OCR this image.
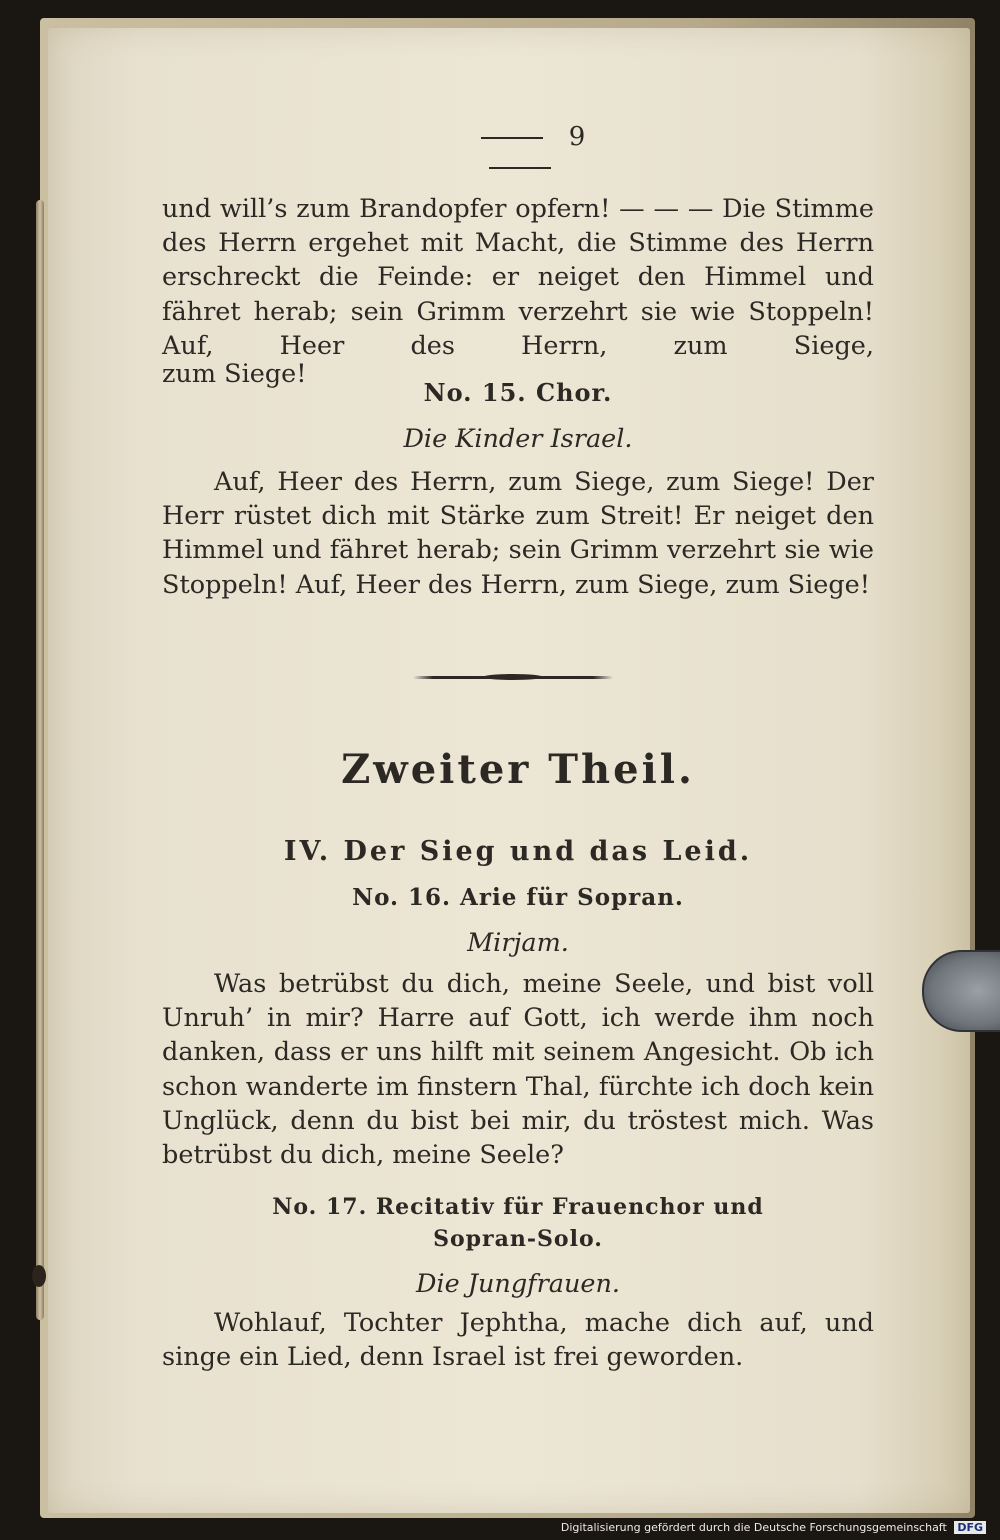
9

und will’s zum Brandopfer opfern! — — — Die Stimme des Herrn ergehet mit Macht, die Stimme des Herrn erschreckt die Feinde: er neiget den Himmel und fähret herab; sein Grimm verzehrt sie wie Stoppeln! Auf, Heer des Herrn, zum Siege,

zum Siege!

No. 15. Chor.
Die Kinder Israel.

Auf, Heer des Herrn, zum Siege, zum Siege! Der Herr rüstet dich mit Stärke zum Streit! Er neiget den Himmel und fähret herab; sein Grimm verzehrt sie wie Stoppeln! Auf, Heer des Herrn, zum Siege, zum Siege!

Zweiter Theil.
IV. Der Sieg und das Leid.
No. 16. Arie für Sopran.
Mirjam.

Was betrübst du dich, meine Seele, und bist voll Unruh’ in mir? Harre auf Gott, ich werde ihm noch danken, dass er uns hilft mit seinem Angesicht. Ob ich schon wanderte im finstern Thal, fürchte ich doch kein Unglück, denn du bist bei mir, du tröstest mich. Was betrübst du dich, meine Seele?

No. 17. Recitativ für Frauenchor und
Sopran-Solo.
Die Jungfrauen.

Wohlauf, Tochter Jephtha, mache dich auf, und singe ein Lied, denn Israel ist frei geworden.

Digitalisierung gefördert durch die Deutsche Forschungsgemeinschaft DFG
